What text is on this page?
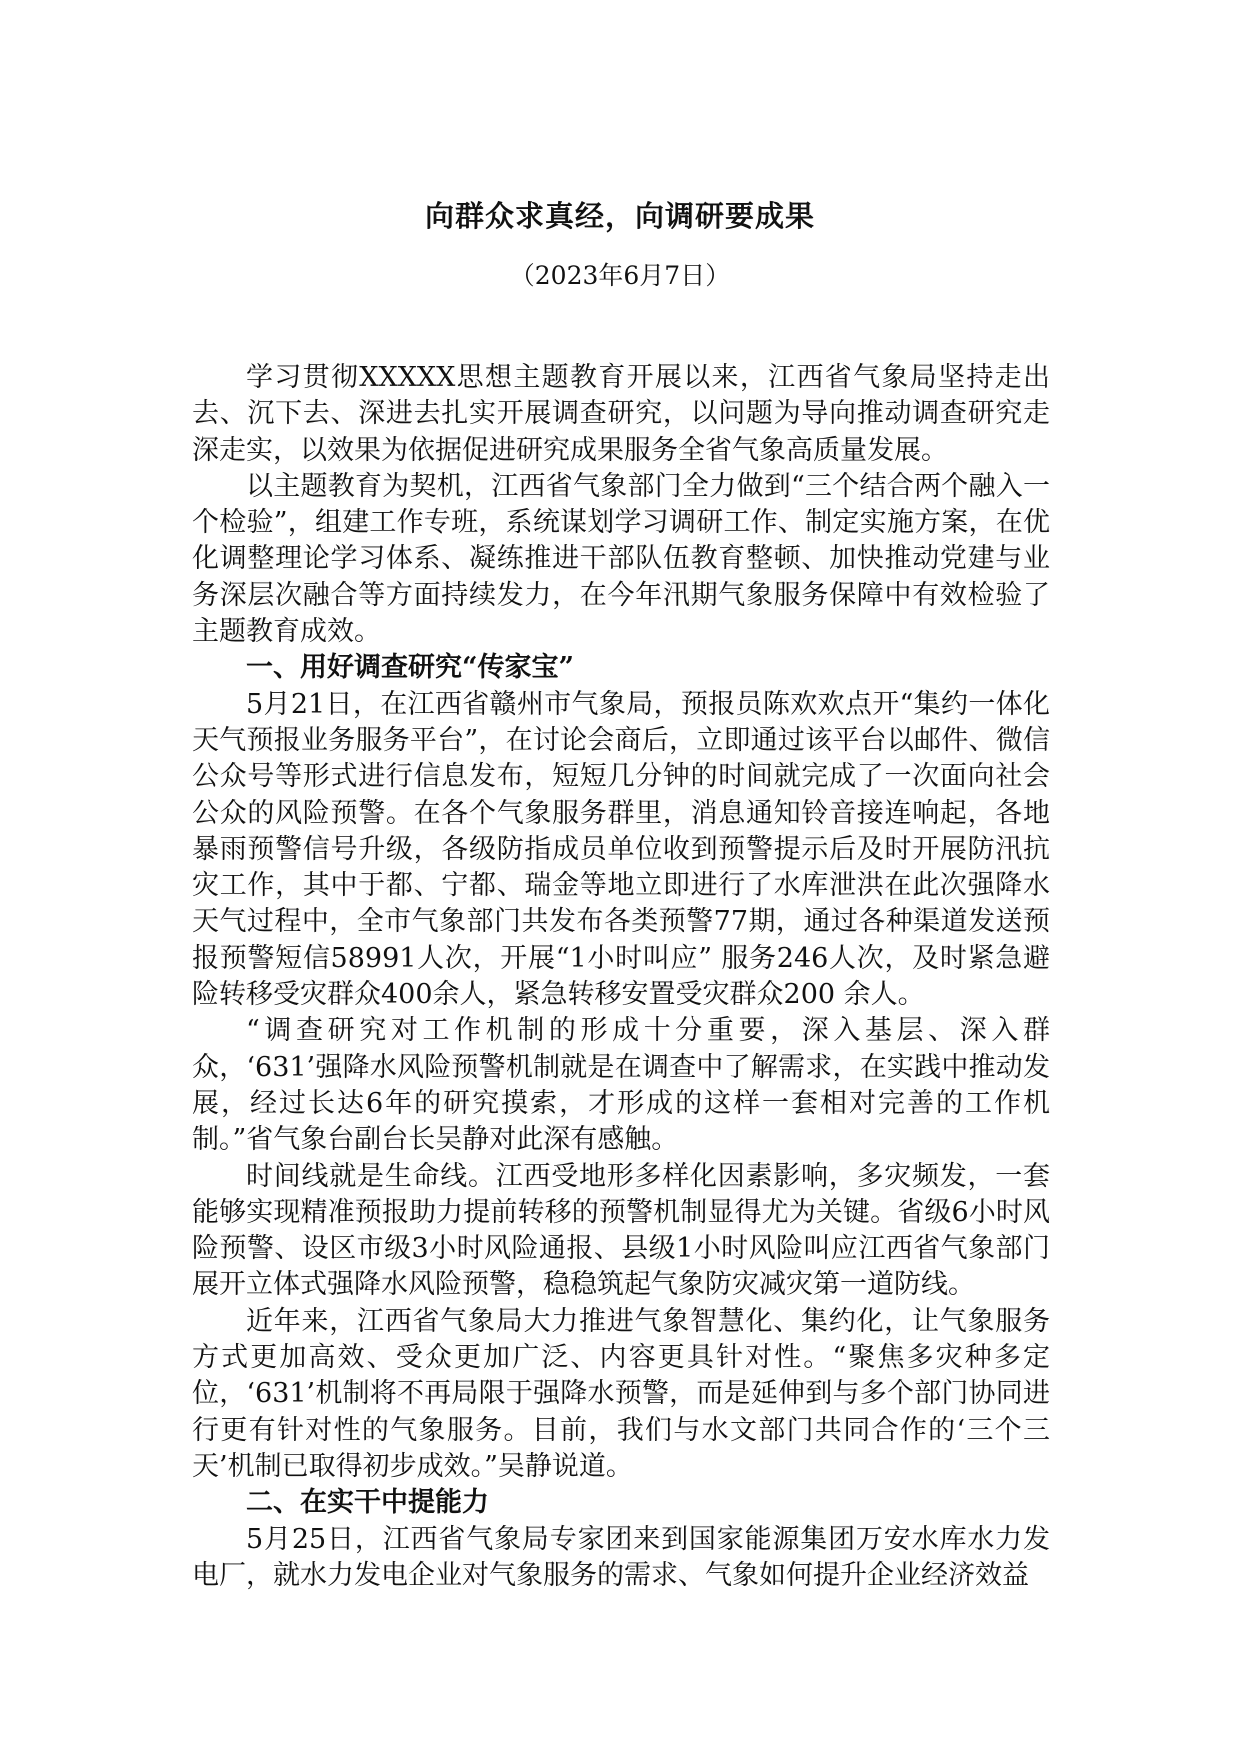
向群众求真经，向调研要成果
（2023年6月7日）

学习贯彻XXXXX思想主题教育开展以来，江西省气象局坚持走出去、沉下去、深进去扎实开展调查研究，以问题为导向推动调查研究走深走实，以效果为依据促进研究成果服务全省气象高质量发展。

以主题教育为契机，江西省气象部门全力做到“三个结合两个融入一个检验”，组建工作专班，系统谋划学习调研工作、制定实施方案，在优化调整理论学习体系、凝练推进干部队伍教育整顿、加快推动党建与业务深层次融合等方面持续发力，在今年汛期气象服务保障中有效检验了主题教育成效。

一、用好调查研究“传家宝”

5月21日，在江西省赣州市气象局，预报员陈欢欢点开“集约一体化天气预报业务服务平台”，在讨论会商后，立即通过该平台以邮件、微信公众号等形式进行信息发布，短短几分钟的时间就完成了一次面向社会公众的风险预警。在各个气象服务群里，消息通知铃音接连响起，各地暴雨预警信号升级，各级防指成员单位收到预警提示后及时开展防汛抗灾工作，其中于都、宁都、瑞金等地立即进行了水库泄洪在此次强降水天气过程中，全市气象部门共发布各类预警77期，通过各种渠道发送预报预警短信58991人次，开展“1小时叫应” 服务246人次，及时紧急避险转移受灾群众400余人，紧急转移安置受灾群众200 余人。

“调查研究对工作机制的形成十分重要，深入基层、深入群众，‘631’强降水风险预警机制就是在调查中了解需求，在实践中推动发展，经过长达6年的研究摸索，才形成的这样一套相对完善的工作机制。”省气象台副台长吴静对此深有感触。

时间线就是生命线。江西受地形多样化因素影响，多灾频发，一套能够实现精准预报助力提前转移的预警机制显得尤为关键。省级6小时风险预警、设区市级3小时风险通报、县级1小时风险叫应江西省气象部门展开立体式强降水风险预警，稳稳筑起气象防灾减灾第一道防线。

近年来，江西省气象局大力推进气象智慧化、集约化，让气象服务方式更加高效、受众更加广泛、内容更具针对性。“聚焦多灾种多定位，‘631’机制将不再局限于强降水预警，而是延伸到与多个部门协同进行更有针对性的气象服务。目前，我们与水文部门共同合作的‘三个三天’机制已取得初步成效。”吴静说道。

二、在实干中提能力

5月25日，江西省气象局专家团来到国家能源集团万安水库水力发电厂，就水力发电企业对气象服务的需求、气象如何提升企业经济效益
